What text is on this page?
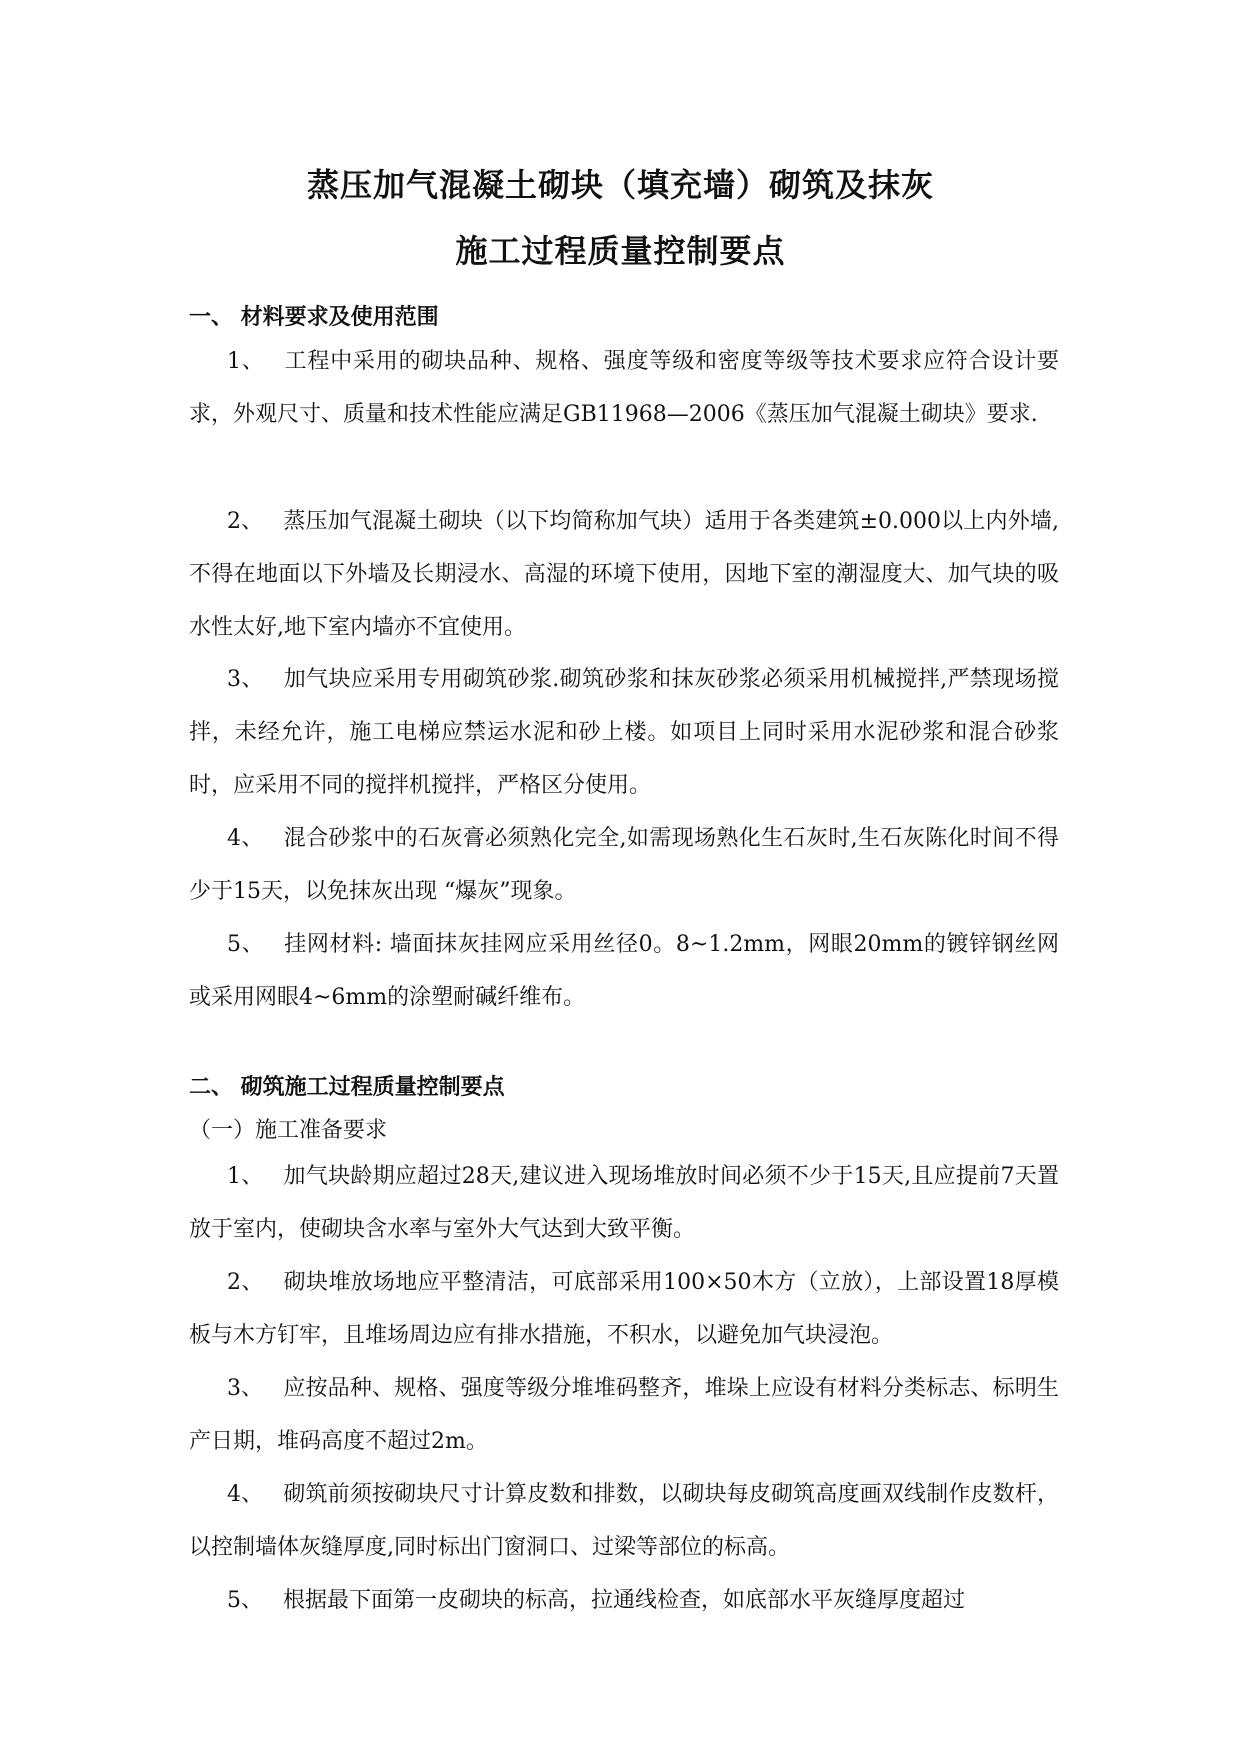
蒸压加气混凝土砌块（填充墙）砌筑及抹灰
施工过程质量控制要点
一、 材料要求及使用范围
1、 工程中采用的砌块品种、规格、强度等级和密度等级等技术要求应符合设计要求，外观尺寸、质量和技术性能应满足GB11968—2006《蒸压加气混凝土砌块》要求.
2、 蒸压加气混凝土砌块（以下均简称加气块）适用于各类建筑±0.000以上内外墙,不得在地面以下外墙及长期浸水、高湿的环境下使用，因地下室的潮湿度大、加气块的吸水性太好,地下室内墙亦不宜使用。
3、 加气块应采用专用砌筑砂浆.砌筑砂浆和抹灰砂浆必须采用机械搅拌,严禁现场搅拌，未经允许，施工电梯应禁运水泥和砂上楼。如项目上同时采用水泥砂浆和混合砂浆时，应采用不同的搅拌机搅拌，严格区分使用。
4、 混合砂浆中的石灰膏必须熟化完全,如需现场熟化生石灰时,生石灰陈化时间不得少于15天，以免抹灰出现 “爆灰”现象。
5、 挂网材料: 墙面抹灰挂网应采用丝径0。8~1.2mm，网眼20mm的镀锌钢丝网或采用网眼4~6mm的涂塑耐碱纤维布。
二、 砌筑施工过程质量控制要点
（一）施工准备要求
1、 加气块龄期应超过28天,建议进入现场堆放时间必须不少于15天,且应提前7天置放于室内，使砌块含水率与室外大气达到大致平衡。
2、 砌块堆放场地应平整清洁，可底部采用100×50木方（立放），上部设置18厚模板与木方钉牢，且堆场周边应有排水措施，不积水，以避免加气块浸泡。
3、 应按品种、规格、强度等级分堆堆码整齐，堆垛上应设有材料分类标志、标明生产日期，堆码高度不超过2m。
4、 砌筑前须按砌块尺寸计算皮数和排数，以砌块每皮砌筑高度画双线制作皮数杆，以控制墙体灰缝厚度,同时标出门窗洞口、过梁等部位的标高。
5、 根据最下面第一皮砌块的标高，拉通线检查，如底部水平灰缝厚度超过
